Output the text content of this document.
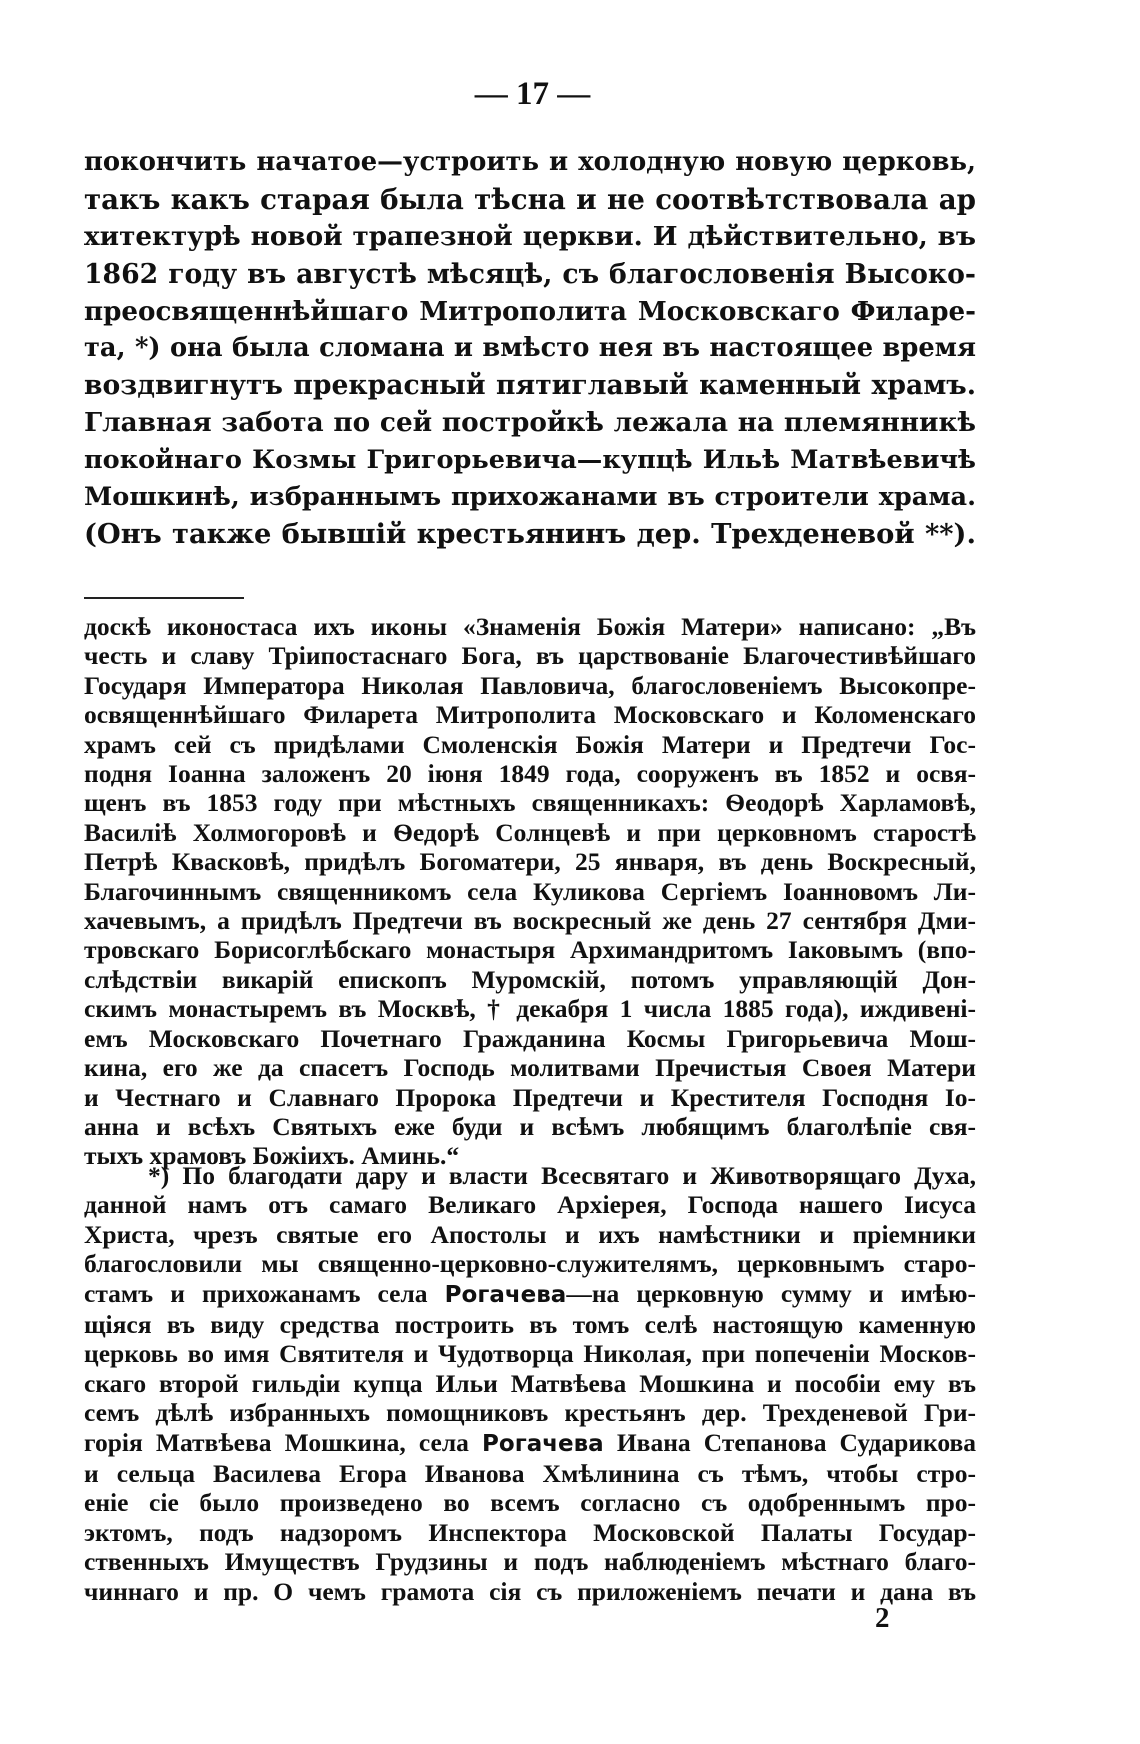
— 17 —
покончить начатое—устроить и холодную новую церковь,
такъ какъ старая была тѣсна и не соотвѣтствовала ар
хитектурѣ новой трапезной церкви. И дѣйствительно, въ
1862 году въ августѣ мѣсяцѣ, съ благословенія Высоко-
преосвященнѣйшаго Митрополита Московскаго Филаре-
та, *) она была сломана и вмѣсто нея въ настоящее время
воздвигнутъ прекрасный пятиглавый каменный храмъ.
Главная забота по сей постройкѣ лежала на племянникѣ
покойнаго Козмы Григорьевича—купцѣ Ильѣ Матвѣевичѣ
Мошкинѣ, избраннымъ прихожанами въ строители храма.
(Онъ также бывшій крестьянинъ дер. Трехденевой **).
доскѣ иконостаса ихъ иконы «Знаменія Божія Матери» написано: „Въ
честь и славу Тріипостаснаго Бога, въ царствованіе Благочестивѣйшаго
Государя Императора Николая Павловича, благословеніемъ Высокопре-
освященнѣйшаго Филарета Митрополита Московскаго и Коломенскаго
храмъ сей съ придѣлами Смоленскія Божія Матери и Предтечи Гос-
подня Іоанна заложенъ 20 іюня 1849 года, сооруженъ въ 1852 и освя-
щенъ въ 1853 году при мѣстныхъ священникахъ: Ѳеодорѣ Харламовѣ,
Василіѣ Холмогоровѣ и Ѳедорѣ Солнцевѣ и при церковномъ старостѣ
Петрѣ Квасковѣ, придѣлъ Богоматери, 25 января, въ день Воскресный,
Благочиннымъ священникомъ села Куликова Сергіемъ Іоанновомъ Ли-
хачевымъ, а придѣлъ Предтечи въ воскресный же день 27 сентября Дми-
тровскаго Борисоглѣбскаго монастыря Архимандритомъ Іаковымъ (впо-
слѣдствіи викарій епископъ Муромскій, потомъ управляющій Дон-
скимъ монастыремъ въ Москвѣ, † декабря 1 числа 1885 года), иждивені-
емъ Московскаго Почетнаго Гражданина Космы Григорьевича Мош-
кина, его же да спасетъ Господь молитвами Пречистыя Своея Матери
и Честнаго и Славнаго Пророка Предтечи и Крестителя Господня Іо-
анна и всѣхъ Святыхъ еже буди и всѣмъ любящимъ благолѣпіе свя-
тыхъ храмовъ Божіихъ. Аминь.“
*) По благодати дару и власти Всесвятаго и Животворящаго Духа,
данной намъ отъ самаго Великаго Архіерея, Господа нашего Іисуса
Христа, чрезъ святые его Апостолы и ихъ намѣстники и пріемники
благословили мы священно-церковно-служителямъ, церковнымъ старо-
стамъ и прихожанамъ села Рогачева—на церковную сумму и имѣю-
щіяся въ виду средства построить въ томъ селѣ настоящую каменную
церковь во имя Святителя и Чудотворца Николая, при попеченіи Москов-
скаго второй гильдіи купца Ильи Матвѣева Мошкина и пособіи ему въ
семъ дѣлѣ избранныхъ помощниковъ крестьянъ дер. Трехденевой Гри-
горія Матвѣева Мошкина, села Рогачева Ивана Степанова Сударикова
и сельца Василева Егора Иванова Хмѣлинина съ тѣмъ, чтобы стро-
еніе сіе было произведено во всемъ согласно съ одобреннымъ про-
эктомъ, подъ надзоромъ Инспектора Московской Палаты Государ-
ственныхъ Имуществъ Грудзины и подъ наблюденіемъ мѣстнаго благо-
чиннаго и пр. О чемъ грамота сія съ приложеніемъ печати и дана въ
2
